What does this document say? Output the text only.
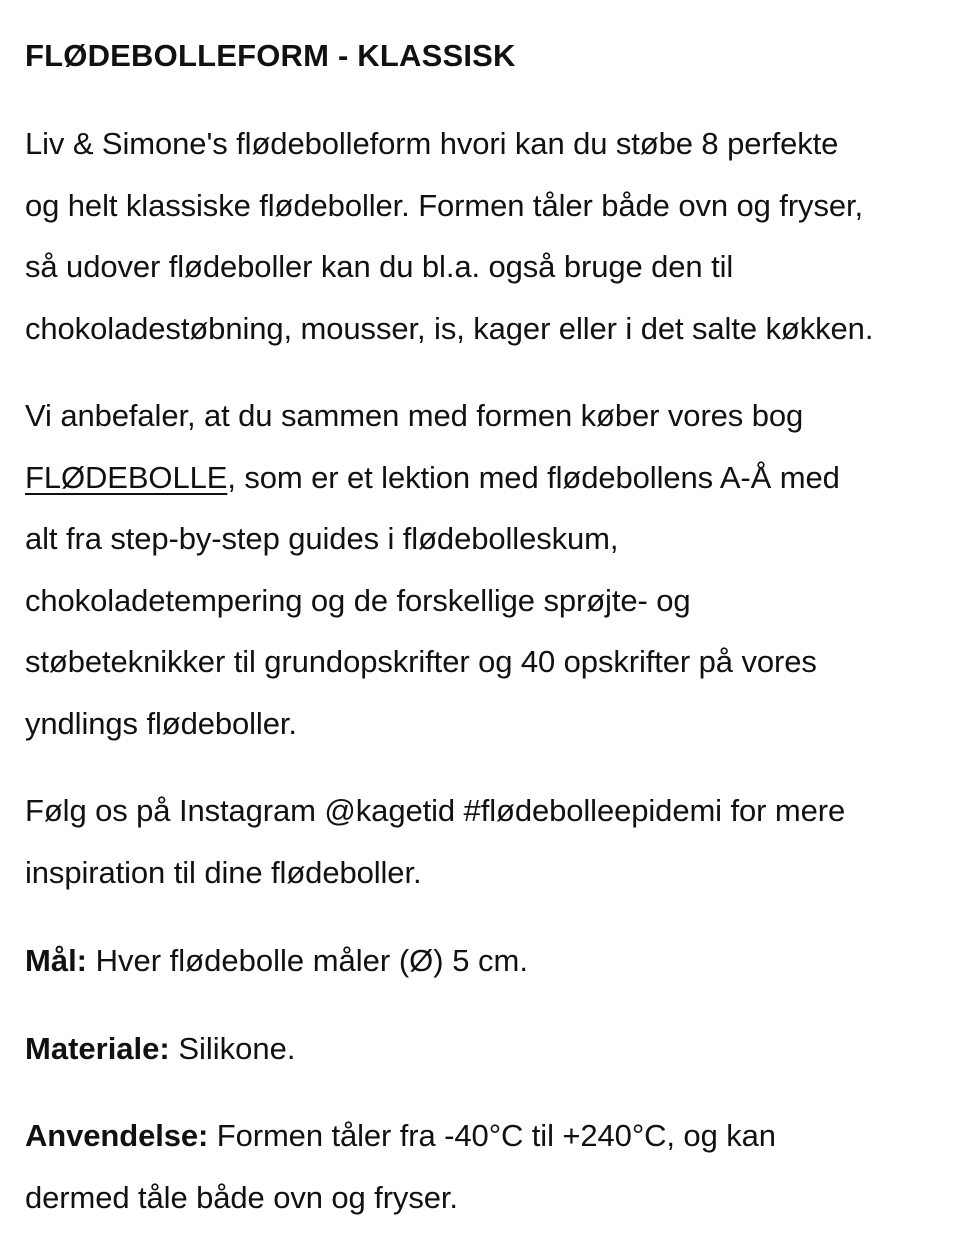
FLØDEBOLLEFORM - KLASSISK

Liv & Simone's flødebolleform hvori kan du støbe 8 perfekte
og helt klassiske flødeboller. Formen tåler både ovn og fryser,
så udover flødeboller kan du bl.a. også bruge den til
chokoladestøbning, mousser, is, kager eller i det salte køkken.

Vi anbefaler, at du sammen med formen køber vores bog
FLØDEBOLLE, som er et lektion med flødebollens A-Å med
alt fra step-by-step guides i flødebolleskum,
chokoladetempering og de forskellige sprøjte- og
støbeteknikker til grundopskrifter og 40 opskrifter på vores
yndlings flødeboller.

Følg os på Instagram @kagetid #flødebolleepidemi for mere
inspiration til dine flødeboller.

Mål: Hver flødebolle måler (Ø) 5 cm.

Materiale: Silikone.

Anvendelse: Formen tåler fra -40°C til +240°C, og kan
dermed tåle både ovn og fryser.
